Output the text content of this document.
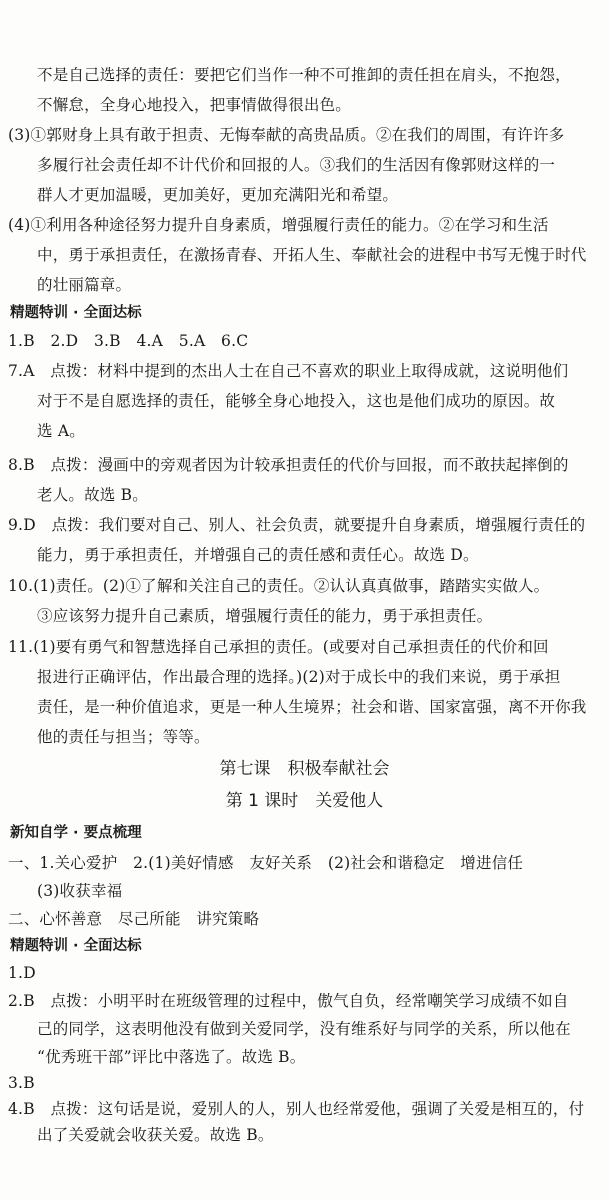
不是自己选择的责任：要把它们当作一种不可推卸的责任担在肩头，不抱怨，
不懈怠，全身心地投入，把事情做得很出色。
(3)①郭财身上具有敢于担责、无悔奉献的高贵品质。②在我们的周围，有许许多
多履行社会责任却不计代价和回报的人。③我们的生活因有像郭财这样的一
群人才更加温暖，更加美好，更加充满阳光和希望。
(4)①利用各种途径努力提升自身素质，增强履行责任的能力。②在学习和生活
中，勇于承担责任，在激扬青春、开拓人生、奉献社会的进程中书写无愧于时代
的壮丽篇章。
精题特训 · 全面达标
1.B　2.D　3.B　4.A　5.A　6.C
7.A　点拨：材料中提到的杰出人士在自己不喜欢的职业上取得成就，这说明他们
对于不是自愿选择的责任，能够全身心地投入，这也是他们成功的原因。故
选 A。
8.B　点拨：漫画中的旁观者因为计较承担责任的代价与回报，而不敢扶起摔倒的
老人。故选 B。
9.D　点拨：我们要对自己、别人、社会负责，就要提升自身素质，增强履行责任的
能力，勇于承担责任，并增强自己的责任感和责任心。故选 D。
10.(1)责任。(2)①了解和关注自己的责任。②认认真真做事，踏踏实实做人。
③应该努力提升自己素质，增强履行责任的能力，勇于承担责任。
11.(1)要有勇气和智慧选择自己承担的责任。(或要对自己承担责任的代价和回
报进行正确评估，作出最合理的选择。)(2)对于成长中的我们来说，勇于承担
责任，是一种价值追求，更是一种人生境界；社会和谐、国家富强，离不开你我
他的责任与担当；等等。
第七课　积极奉献社会
第 1 课时　关爱他人
新知自学 · 要点梳理
一、1.关心爱护　2.(1)美好情感　友好关系　(2)社会和谐稳定　增进信任
(3)收获幸福
二、心怀善意　尽己所能　讲究策略
精题特训 · 全面达标
1.D
2.B　点拨：小明平时在班级管理的过程中，傲气自负，经常嘲笑学习成绩不如自
己的同学，这表明他没有做到关爱同学，没有维系好与同学的关系，所以他在
“优秀班干部”评比中落选了。故选 B。
3.B
4.B　点拨：这句话是说，爱别人的人，别人也经常爱他，强调了关爱是相互的，付
出了关爱就会收获关爱。故选 B。
